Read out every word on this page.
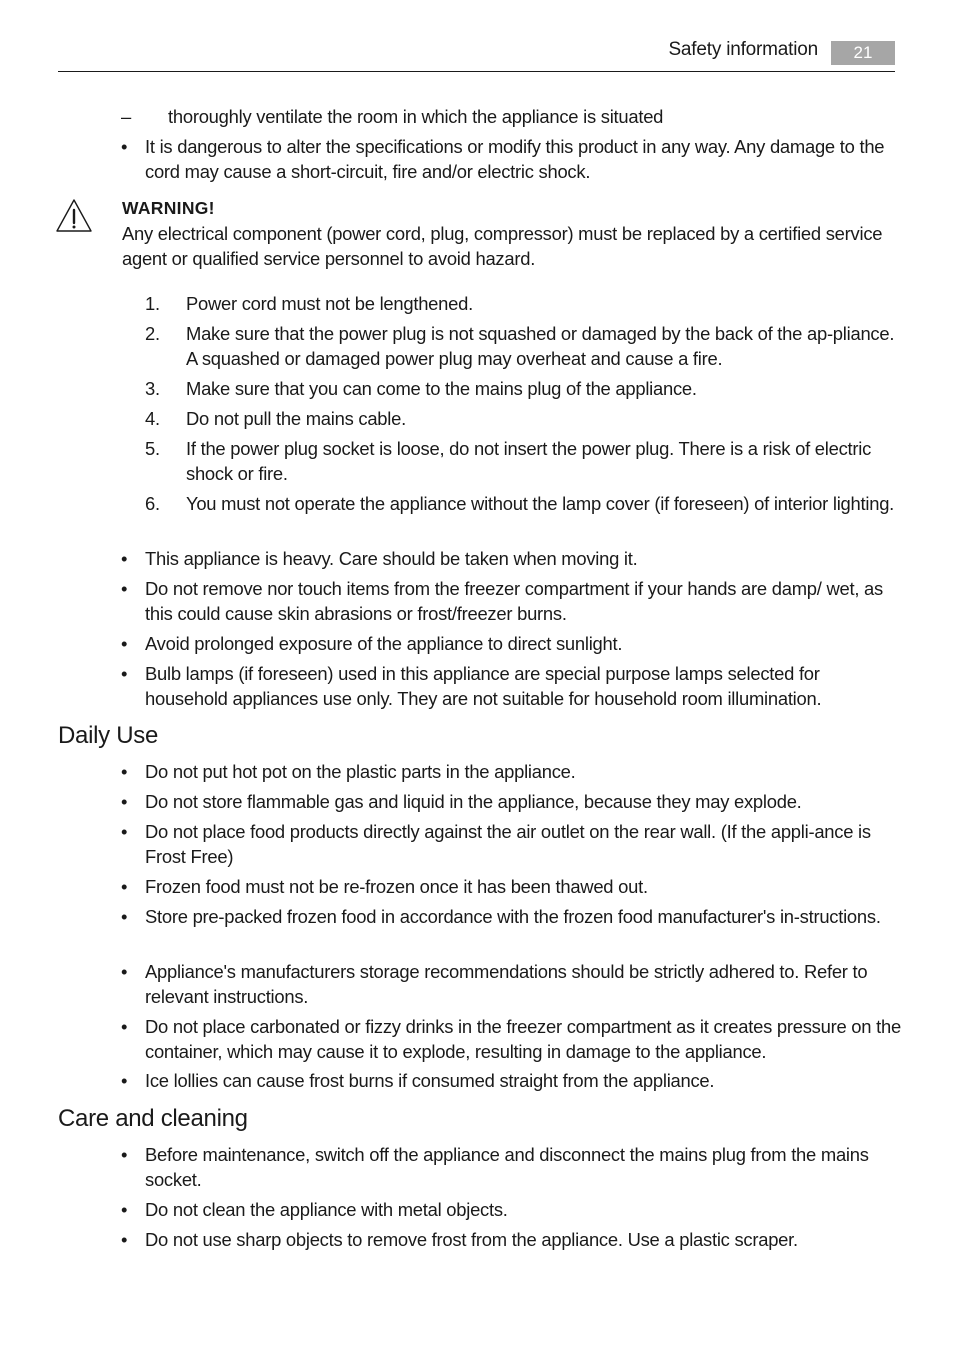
Safety information	21
– thoroughly ventilate the room in which the appliance is situated
• It is dangerous to alter the specifications or modify this product in any way. Any damage to the cord may cause a short-circuit, fire and/or electric shock.
WARNING!
Any electrical component (power cord, plug, compressor) must be replaced by a certified service agent or qualified service personnel to avoid hazard.
1. Power cord must not be lengthened.
2. Make sure that the power plug is not squashed or damaged by the back of the ap-pliance. A squashed or damaged power plug may overheat and cause a fire.
3. Make sure that you can come to the mains plug of the appliance.
4. Do not pull the mains cable.
5. If the power plug socket is loose, do not insert the power plug. There is a risk of electric shock or fire.
6. You must not operate the appliance without the lamp cover (if foreseen) of interior lighting.
• This appliance is heavy. Care should be taken when moving it.
• Do not remove nor touch items from the freezer compartment if your hands are damp/ wet, as this could cause skin abrasions or frost/freezer burns.
• Avoid prolonged exposure of the appliance to direct sunlight.
• Bulb lamps (if foreseen) used in this appliance are special purpose lamps selected for household appliances use only. They are not suitable for household room illumination.
Daily Use
• Do not put hot pot on the plastic parts in the appliance.
• Do not store flammable gas and liquid in the appliance, because they may explode.
• Do not place food products directly against the air outlet on the rear wall. (If the appli-ance is Frost Free)
• Frozen food must not be re-frozen once it has been thawed out.
• Store pre-packed frozen food in accordance with the frozen food manufacturer's in-structions.
• Appliance's manufacturers storage recommendations should be strictly adhered to. Refer to relevant instructions.
• Do not place carbonated or fizzy drinks in the freezer compartment as it creates pressure on the container, which may cause it to explode, resulting in damage to the appliance.
• Ice lollies can cause frost burns if consumed straight from the appliance.
Care and cleaning
• Before maintenance, switch off the appliance and disconnect the mains plug from the mains socket.
• Do not clean the appliance with metal objects.
• Do not use sharp objects to remove frost from the appliance. Use a plastic scraper.
